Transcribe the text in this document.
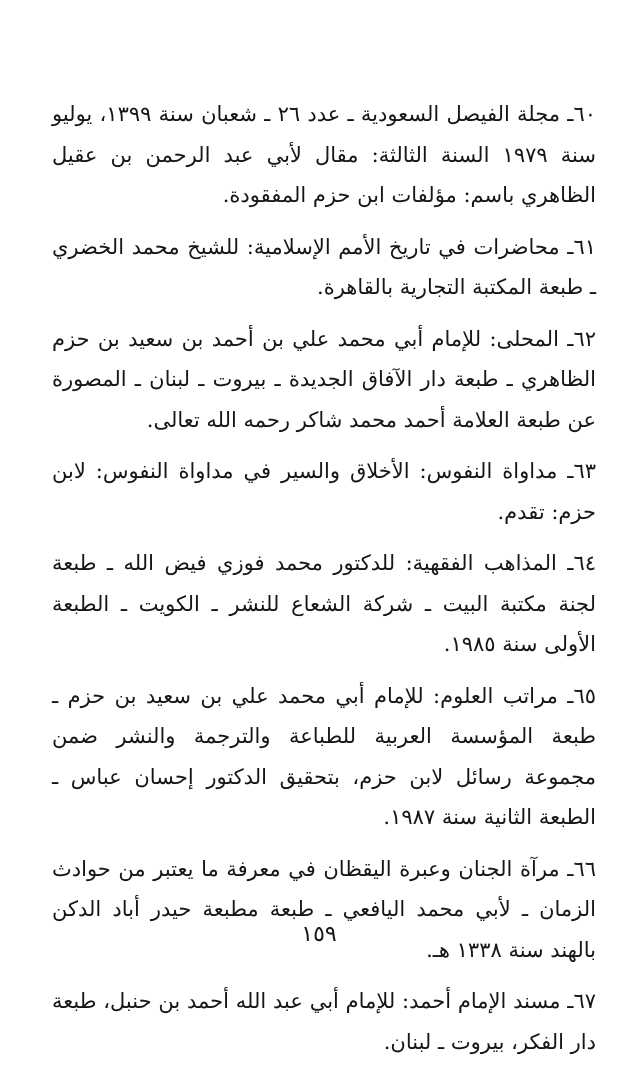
٦٠ـ مجلة الفيصل السعودية ـ عدد ٢٦ ـ شعبان سنة ١٣٩٩، يوليو سنة ١٩٧٩ السنة الثالثة: مقال لأبي عبد الرحمن بن عقيل الظاهري باسم: مؤلفات ابن حزم المفقودة.

٦١ـ محاضرات في تاريخ الأمم الإسلامية: للشيخ محمد الخضري ـ طبعة المكتبة التجارية بالقاهرة.

٦٢ـ المحلى: للإمام أبي محمد علي بن أحمد بن سعيد بن حزم الظاهري ـ طبعة دار الآفاق الجديدة ـ بيروت ـ لبنان ـ المصورة عن طبعة العلامة أحمد محمد شاكر رحمه الله تعالى.

٦٣ـ مداواة النفوس: الأخلاق والسير في مداواة النفوس: لابن حزم: تقدم.

٦٤ـ المذاهب الفقهية: للدكتور محمد فوزي فيض الله ـ طبعة لجنة مكتبة البيت ـ شركة الشعاع للنشر ـ الكويت ـ الطبعة الأولى سنة ١٩٨٥.

٦٥ـ مراتب العلوم: للإمام أبي محمد علي بن سعيد بن حزم ـ طبعة المؤسسة العربية للطباعة والترجمة والنشر ضمن مجموعة رسائل لابن حزم، بتحقيق الدكتور إحسان عباس ـ الطبعة الثانية سنة ١٩٨٧.

٦٦ـ مرآة الجنان وعبرة اليقظان في معرفة ما يعتبر من حوادث الزمان ـ لأبي محمد اليافعي ـ طبعة مطبعة حيدر أباد الدكن بالهند سنة ١٣٣٨ هـ.

٦٧ـ مسند الإمام أحمد: للإمام أبي عبد الله أحمد بن حنبل، طبعة دار الفكر، بيروت ـ لبنان.

١٥٩
